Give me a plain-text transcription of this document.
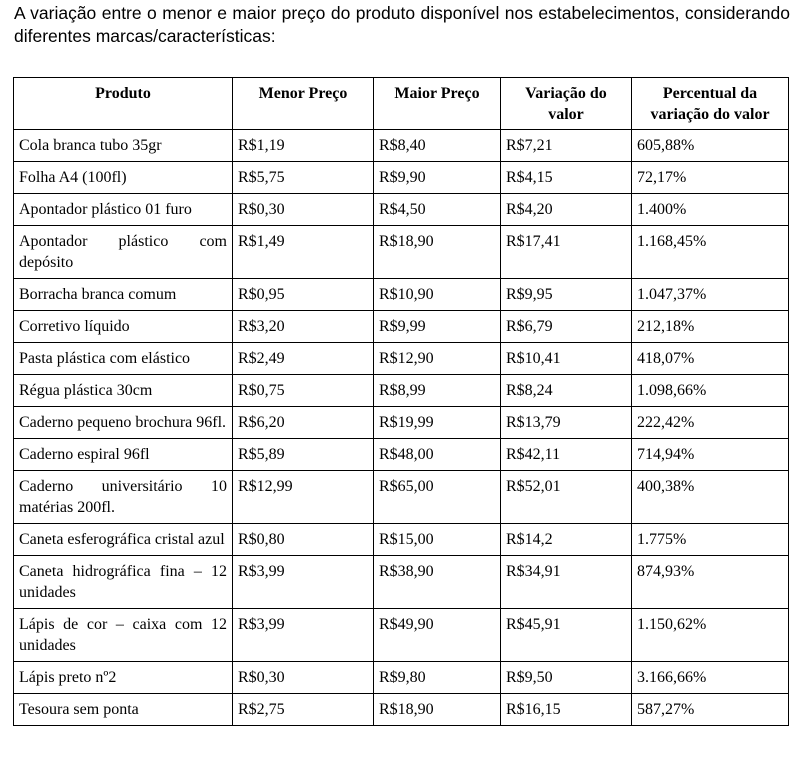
A variação entre o menor e maior preço do produto disponível nos estabelecimentos, considerando diferentes marcas/características:

Produto	Menor Preço	Maior Preço	Variação do valor	Percentual da variação do valor
Cola branca tubo 35gr	R$1,19	R$8,40	R$7,21	605,88%
Folha A4 (100fl)	R$5,75	R$9,90	R$4,15	72,17%
Apontador plástico 01 furo	R$0,30	R$4,50	R$4,20	1.400%
Apontador plástico com depósito	R$1,49	R$18,90	R$17,41	1.168,45%
Borracha branca comum	R$0,95	R$10,90	R$9,95	1.047,37%
Corretivo líquido	R$3,20	R$9,99	R$6,79	212,18%
Pasta plástica com elástico	R$2,49	R$12,90	R$10,41	418,07%
Régua plástica 30cm	R$0,75	R$8,99	R$8,24	1.098,66%
Caderno pequeno brochura 96fl.	R$6,20	R$19,99	R$13,79	222,42%
Caderno espiral 96fl	R$5,89	R$48,00	R$42,11	714,94%
Caderno universitário 10 matérias 200fl.	R$12,99	R$65,00	R$52,01	400,38%
Caneta esferográfica cristal azul	R$0,80	R$15,00	R$14,2	1.775%
Caneta hidrográfica fina – 12 unidades	R$3,99	R$38,90	R$34,91	874,93%
Lápis de cor – caixa com 12 unidades	R$3,99	R$49,90	R$45,91	1.150,62%
Lápis preto nº2	R$0,30	R$9,80	R$9,50	3.166,66%
Tesoura sem ponta	R$2,75	R$18,90	R$16,15	587,27%
